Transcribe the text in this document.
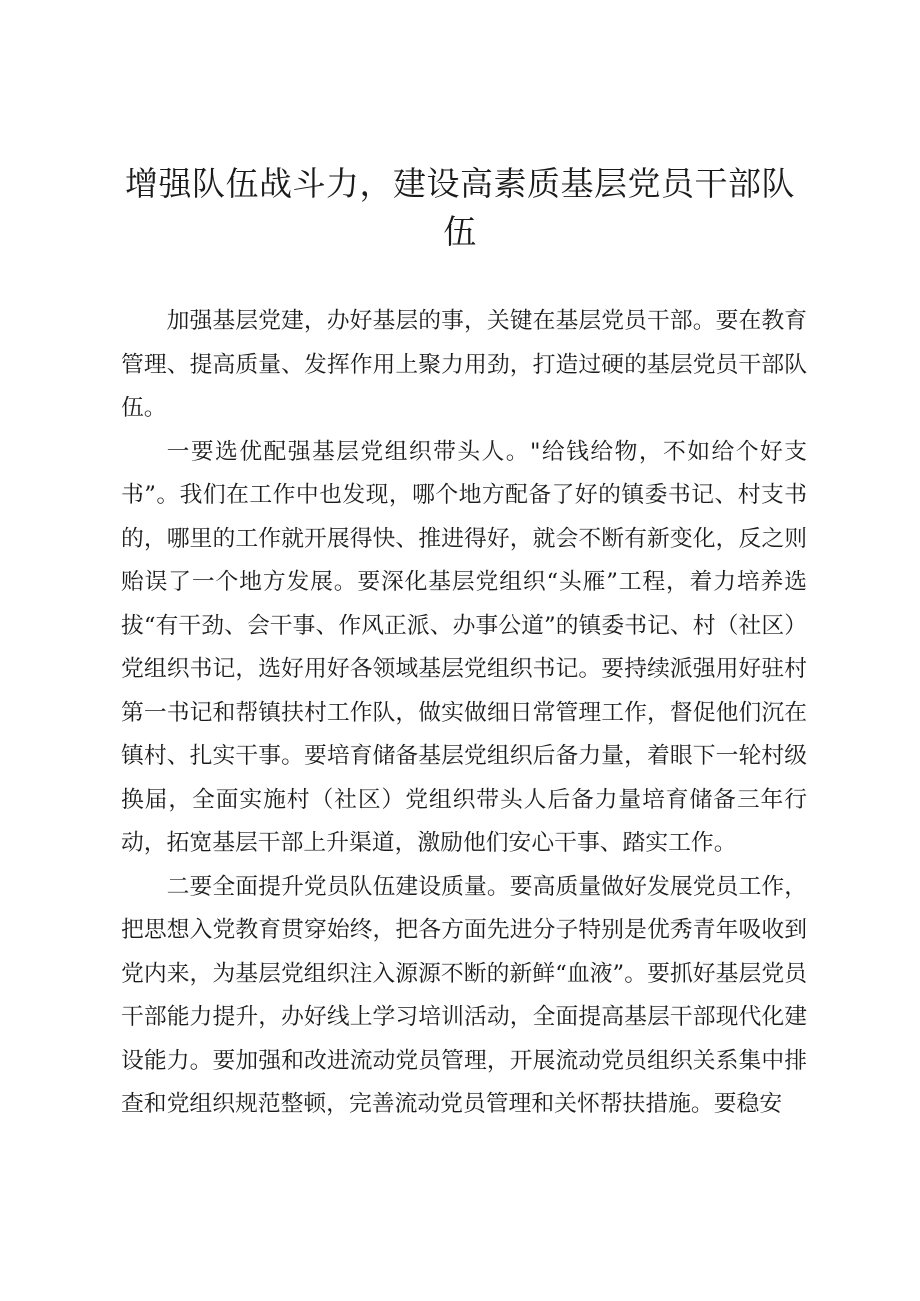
增强队伍战斗力，建设高素质基层党员干部队伍

加强基层党建，办好基层的事，关键在基层党员干部。要在教育管理、提高质量、发挥作用上聚力用劲，打造过硬的基层党员干部队伍。

一要选优配强基层党组织带头人。"给钱给物，不如给个好支书”。我们在工作中也发现，哪个地方配备了好的镇委书记、村支书的，哪里的工作就开展得快、推进得好，就会不断有新变化，反之则贻误了一个地方发展。要深化基层党组织“头雁”工程，着力培养选拔“有干劲、会干事、作风正派、办事公道”的镇委书记、村（社区）党组织书记，选好用好各领域基层党组织书记。要持续派强用好驻村第一书记和帮镇扶村工作队，做实做细日常管理工作，督促他们沉在镇村、扎实干事。要培育储备基层党组织后备力量，着眼下一轮村级换届，全面实施村（社区）党组织带头人后备力量培育储备三年行动，拓宽基层干部上升渠道，激励他们安心干事、踏实工作。

二要全面提升党员队伍建设质量。要高质量做好发展党员工作，把思想入党教育贯穿始终，把各方面先进分子特别是优秀青年吸收到党内来，为基层党组织注入源源不断的新鲜“血液”。要抓好基层党员干部能力提升，办好线上学习培训活动，全面提高基层干部现代化建设能力。要加强和改进流动党员管理，开展流动党员组织关系集中排查和党组织规范整顿，完善流动党员管理和关怀帮扶措施。要稳安
